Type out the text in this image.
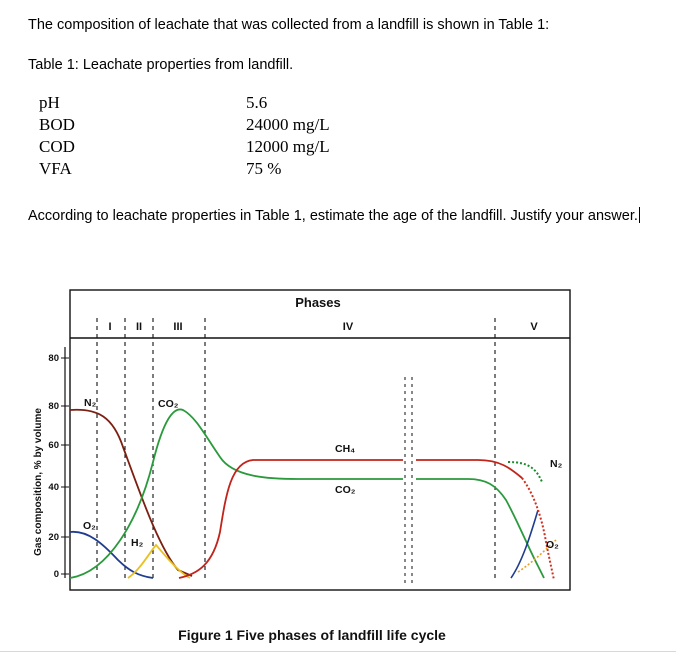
The composition of leachate that was collected from a landfill is shown in Table 1:
Table 1: Leachate properties from landfill.
pH	5.6
BOD	24000 mg/L
COD	12000 mg/L
VFA	75 %
According to leachate properties in Table 1, estimate the age of the landfill. Justify your answer.
Gas composition, % by volume
Phases
I II	III	IV	V
80
80
60
40
20
0
N₂
O₂
CO₂
H₂
CH₄
CO₂
N₂
O₂
Figure 1 Five phases of landfill life cycle
